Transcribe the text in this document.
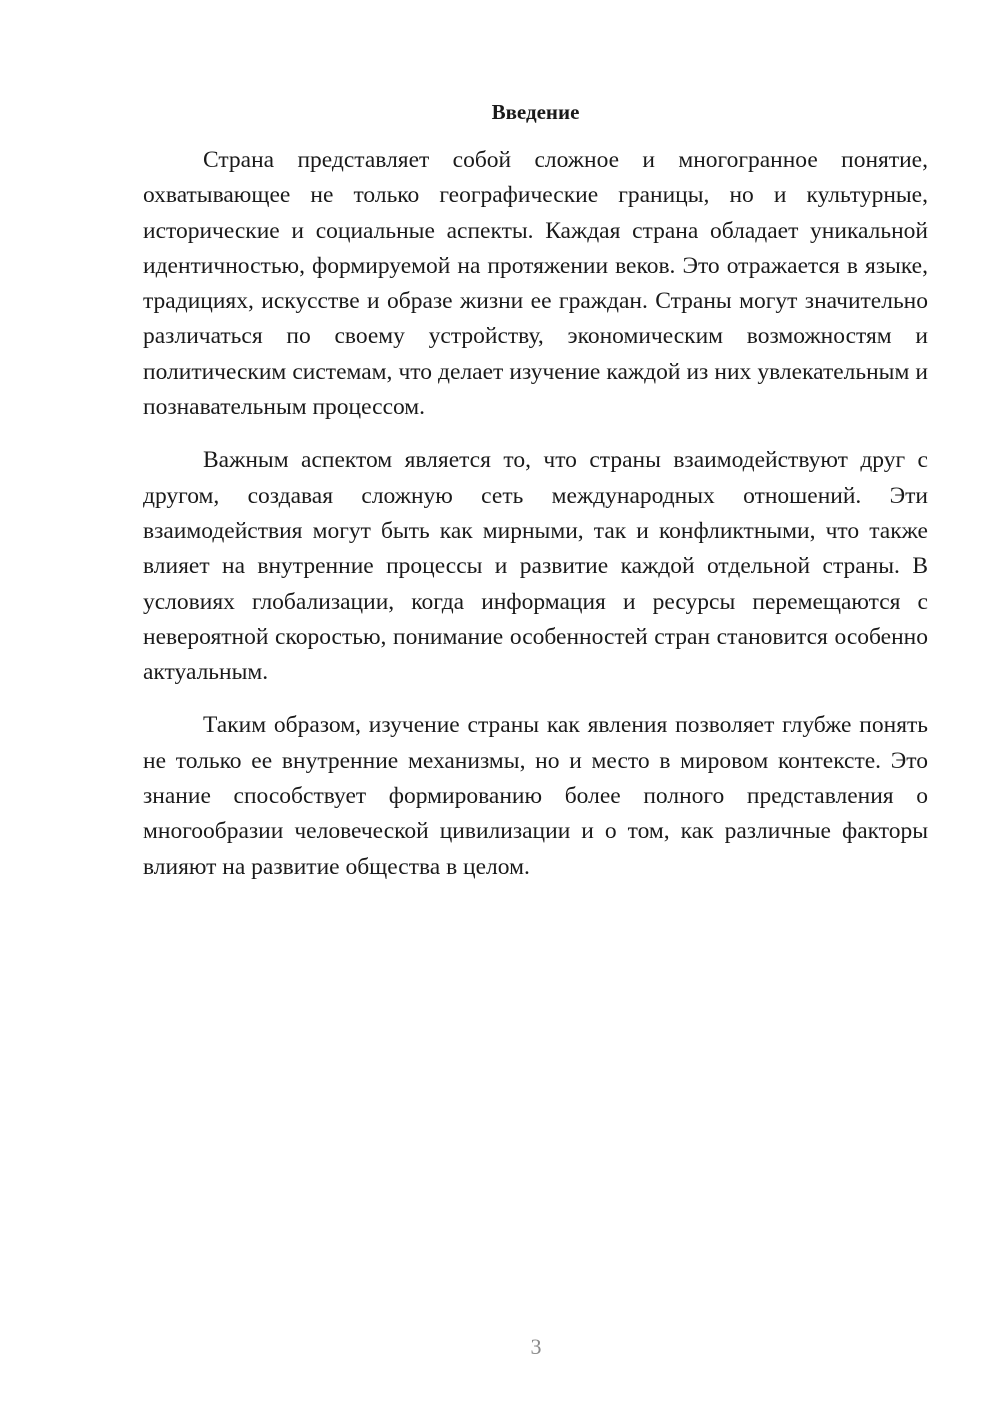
Введение

Страна представляет собой сложное и многогранное понятие, охватывающее не только географические границы, но и культурные, исторические и социальные аспекты. Каждая страна обладает уникальной идентичностью, формируемой на протяжении веков. Это отражается в языке, традициях, искусстве и образе жизни ее граждан. Страны могут значительно различаться по своему устройству, экономическим возможностям и политическим системам, что делает изучение каждой из них увлекательным и познавательным процессом.

Важным аспектом является то, что страны взаимодействуют друг с другом, создавая сложную сеть международных отношений. Эти взаимодействия могут быть как мирными, так и конфликтными, что также влияет на внутренние процессы и развитие каждой отдельной страны. В условиях глобализации, когда информация и ресурсы перемещаются с невероятной скоростью, понимание особенностей стран становится особенно актуальным.

Таким образом, изучение страны как явления позволяет глубже понять не только ее внутренние механизмы, но и место в мировом контексте. Это знание способствует формированию более полного представления о многообразии человеческой цивилизации и о том, как различные факторы влияют на развитие общества в целом.

3
